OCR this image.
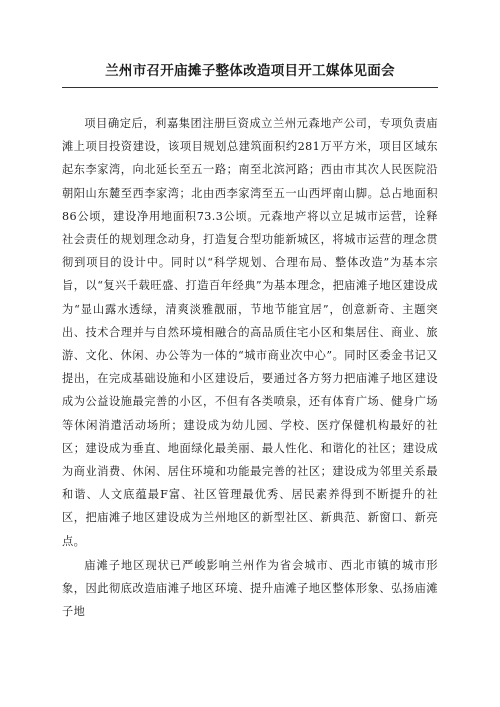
兰州市召开庙摊子整体改造项目开工媒体见面会

项目确定后，利嘉集团注册巨资成立兰州元森地产公司，专项负责庙滩上项目投资建设，该项目规划总建筑面积约281万平方米，项目区域东起东李家湾，向北延长至五一路；南至北滨河路；西由市其次人民医院沿朝阳山东麓至西李家湾；北由西李家湾至五一山西坪南山脚。总占地面积86公顷，建设净用地面积73.3公顷。元森地产将以立足城市运营，诠释社会责任的规划理念动身，打造复合型功能新城区，将城市运营的理念贯彻到项目的设计中。同时以“科学规划、合理布局、整体改造”为基本宗旨，以“复兴千载旺盛、打造百年经典”为基本理念，把庙滩子地区建设成为“显山露水透绿，清爽淡雅靓丽，节地节能宜居”，创意新奇、主题突出、技术合理并与自然环境相融合的高品质住宅小区和集居住、商业、旅游、文化、休闲、办公等为一体的“城市商业次中心”。同时区委金书记又提出，在完成基础设施和小区建设后，要通过各方努力把庙滩子地区建设成为公益设施最完善的小区，不但有各类喷泉，还有体育广场、健身广场等休闲消遣活动场所；建设成为幼儿园、学校、医疗保健机构最好的社区；建设成为垂直、地面绿化最美丽、最人性化、和谐化的社区；建设成为商业消费、休闲、居住环境和功能最完善的社区；建设成为邻里关系最和谐、人文底蕴最F富、社区管理最优秀、居民素养得到不断提升的社区，把庙滩子地区建设成为兰州地区的新型社区、新典范、新窗口、新亮点。

庙滩子地区现状已严峻影响兰州作为省会城市、西北市镇的城市形象，因此彻底改造庙滩子地区环境、提升庙滩子地区整体形象、弘扬庙滩子地
